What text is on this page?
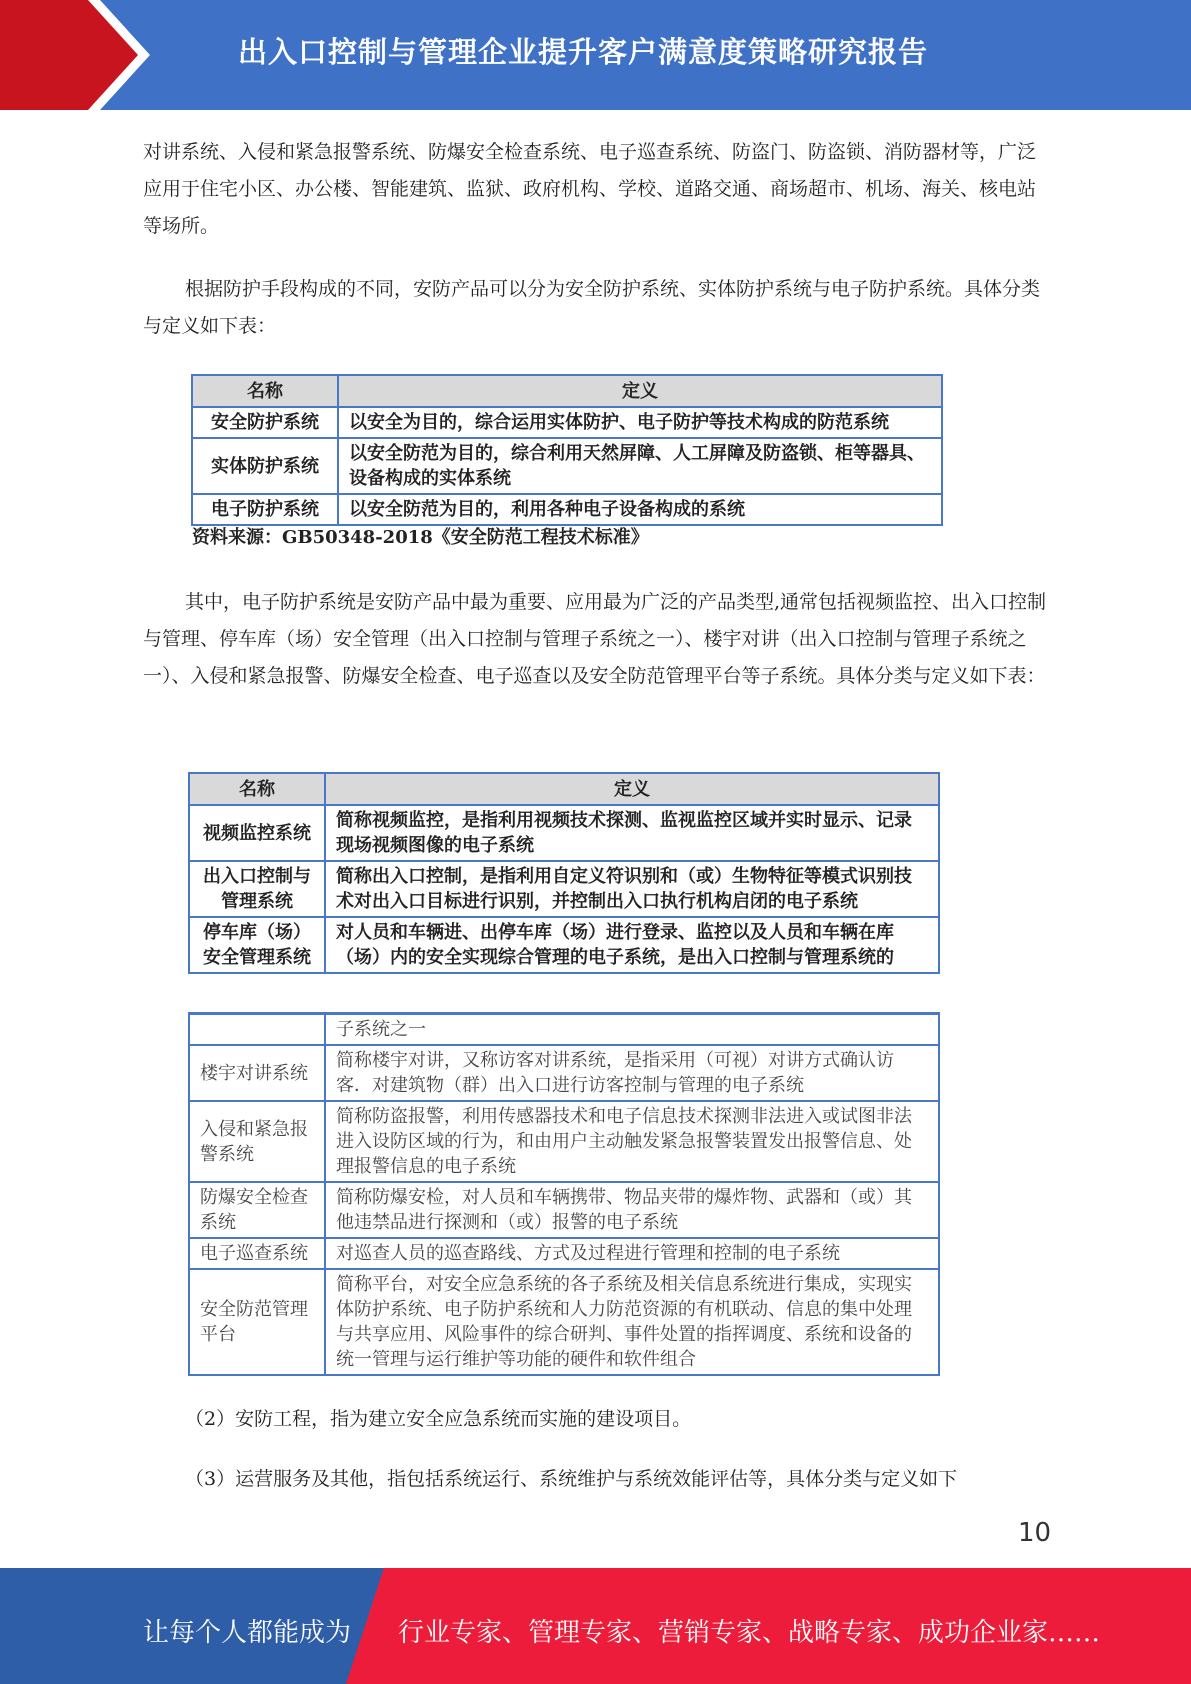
出入口控制与管理企业提升客户满意度策略研究报告
对讲系统、入侵和紧急报警系统、防爆安全检查系统、电子巡查系统、防盗门、防盗锁、消防器材等，广泛应用于住宅小区、办公楼、智能建筑、监狱、政府机构、学校、道路交通、商场超市、机场、海关、核电站等场所。
根据防护手段构成的不同，安防产品可以分为安全防护系统、实体防护系统与电子防护系统。具体分类与定义如下表：
名称	定义
安全防护系统	以安全为目的，综合运用实体防护、电子防护等技术构成的防范系统
实体防护系统	以安全防范为目的，综合利用天然屏障、人工屏障及防盗锁、柜等器具、设备构成的实体系统
电子防护系统	以安全防范为目的，利用各种电子设备构成的系统
资料来源：GB50348-2018《安全防范工程技术标准》
其中，电子防护系统是安防产品中最为重要、应用最为广泛的产品类型,通常包括视频监控、出入口控制与管理、停车库（场）安全管理（出入口控制与管理子系统之一）、楼宇对讲（出入口控制与管理子系统之一）、入侵和紧急报警、防爆安全检查、电子巡查以及安全防范管理平台等子系统。具体分类与定义如下表：
名称	定义
视频监控系统	简称视频监控，是指利用视频技术探测、监视监控区域并实时显示、记录现场视频图像的电子系统
出入口控制与管理系统	简称出入口控制，是指利用自定义符识别和（或）生物特征等模式识别技术对出入口目标进行识别，并控制出入口执行机构启闭的电子系统
停车库（场）安全管理系统	对人员和车辆进、出停车库（场）进行登录、监控以及人员和车辆在库（场）内的安全实现综合管理的电子系统，是出入口控制与管理系统的
	子系统之一
楼宇对讲系统	简称楼宇对讲，又称访客对讲系统，是指采用（可视）对讲方式确认访客．对建筑物（群）出入口进行访客控制与管理的电子系统
入侵和紧急报警系统	简称防盗报警，利用传感器技术和电子信息技术探测非法进入或试图非法进入设防区域的行为，和由用户主动触发紧急报警装置发出报警信息、处理报警信息的电子系统
防爆安全检查系统	简称防爆安检，对人员和车辆携带、物品夹带的爆炸物、武器和（或）其他违禁品进行探测和（或）报警的电子系统
电子巡查系统	对巡查人员的巡查路线、方式及过程进行管理和控制的电子系统
安全防范管理平台	简称平台，对安全应急系统的各子系统及相关信息系统进行集成，实现实体防护系统、电子防护系统和人力防范资源的有机联动、信息的集中处理与共享应用、风险事件的综合研判、事件处置的指挥调度、系统和设备的统一管理与运行维护等功能的硬件和软件组合
（2）安防工程，指为建立安全应急系统而实施的建设项目。
（3）运营服务及其他，指包括系统运行、系统维护与系统效能评估等，具体分类与定义如下
10
让每个人都能成为 行业专家、管理专家、营销专家、战略专家、成功企业家……
